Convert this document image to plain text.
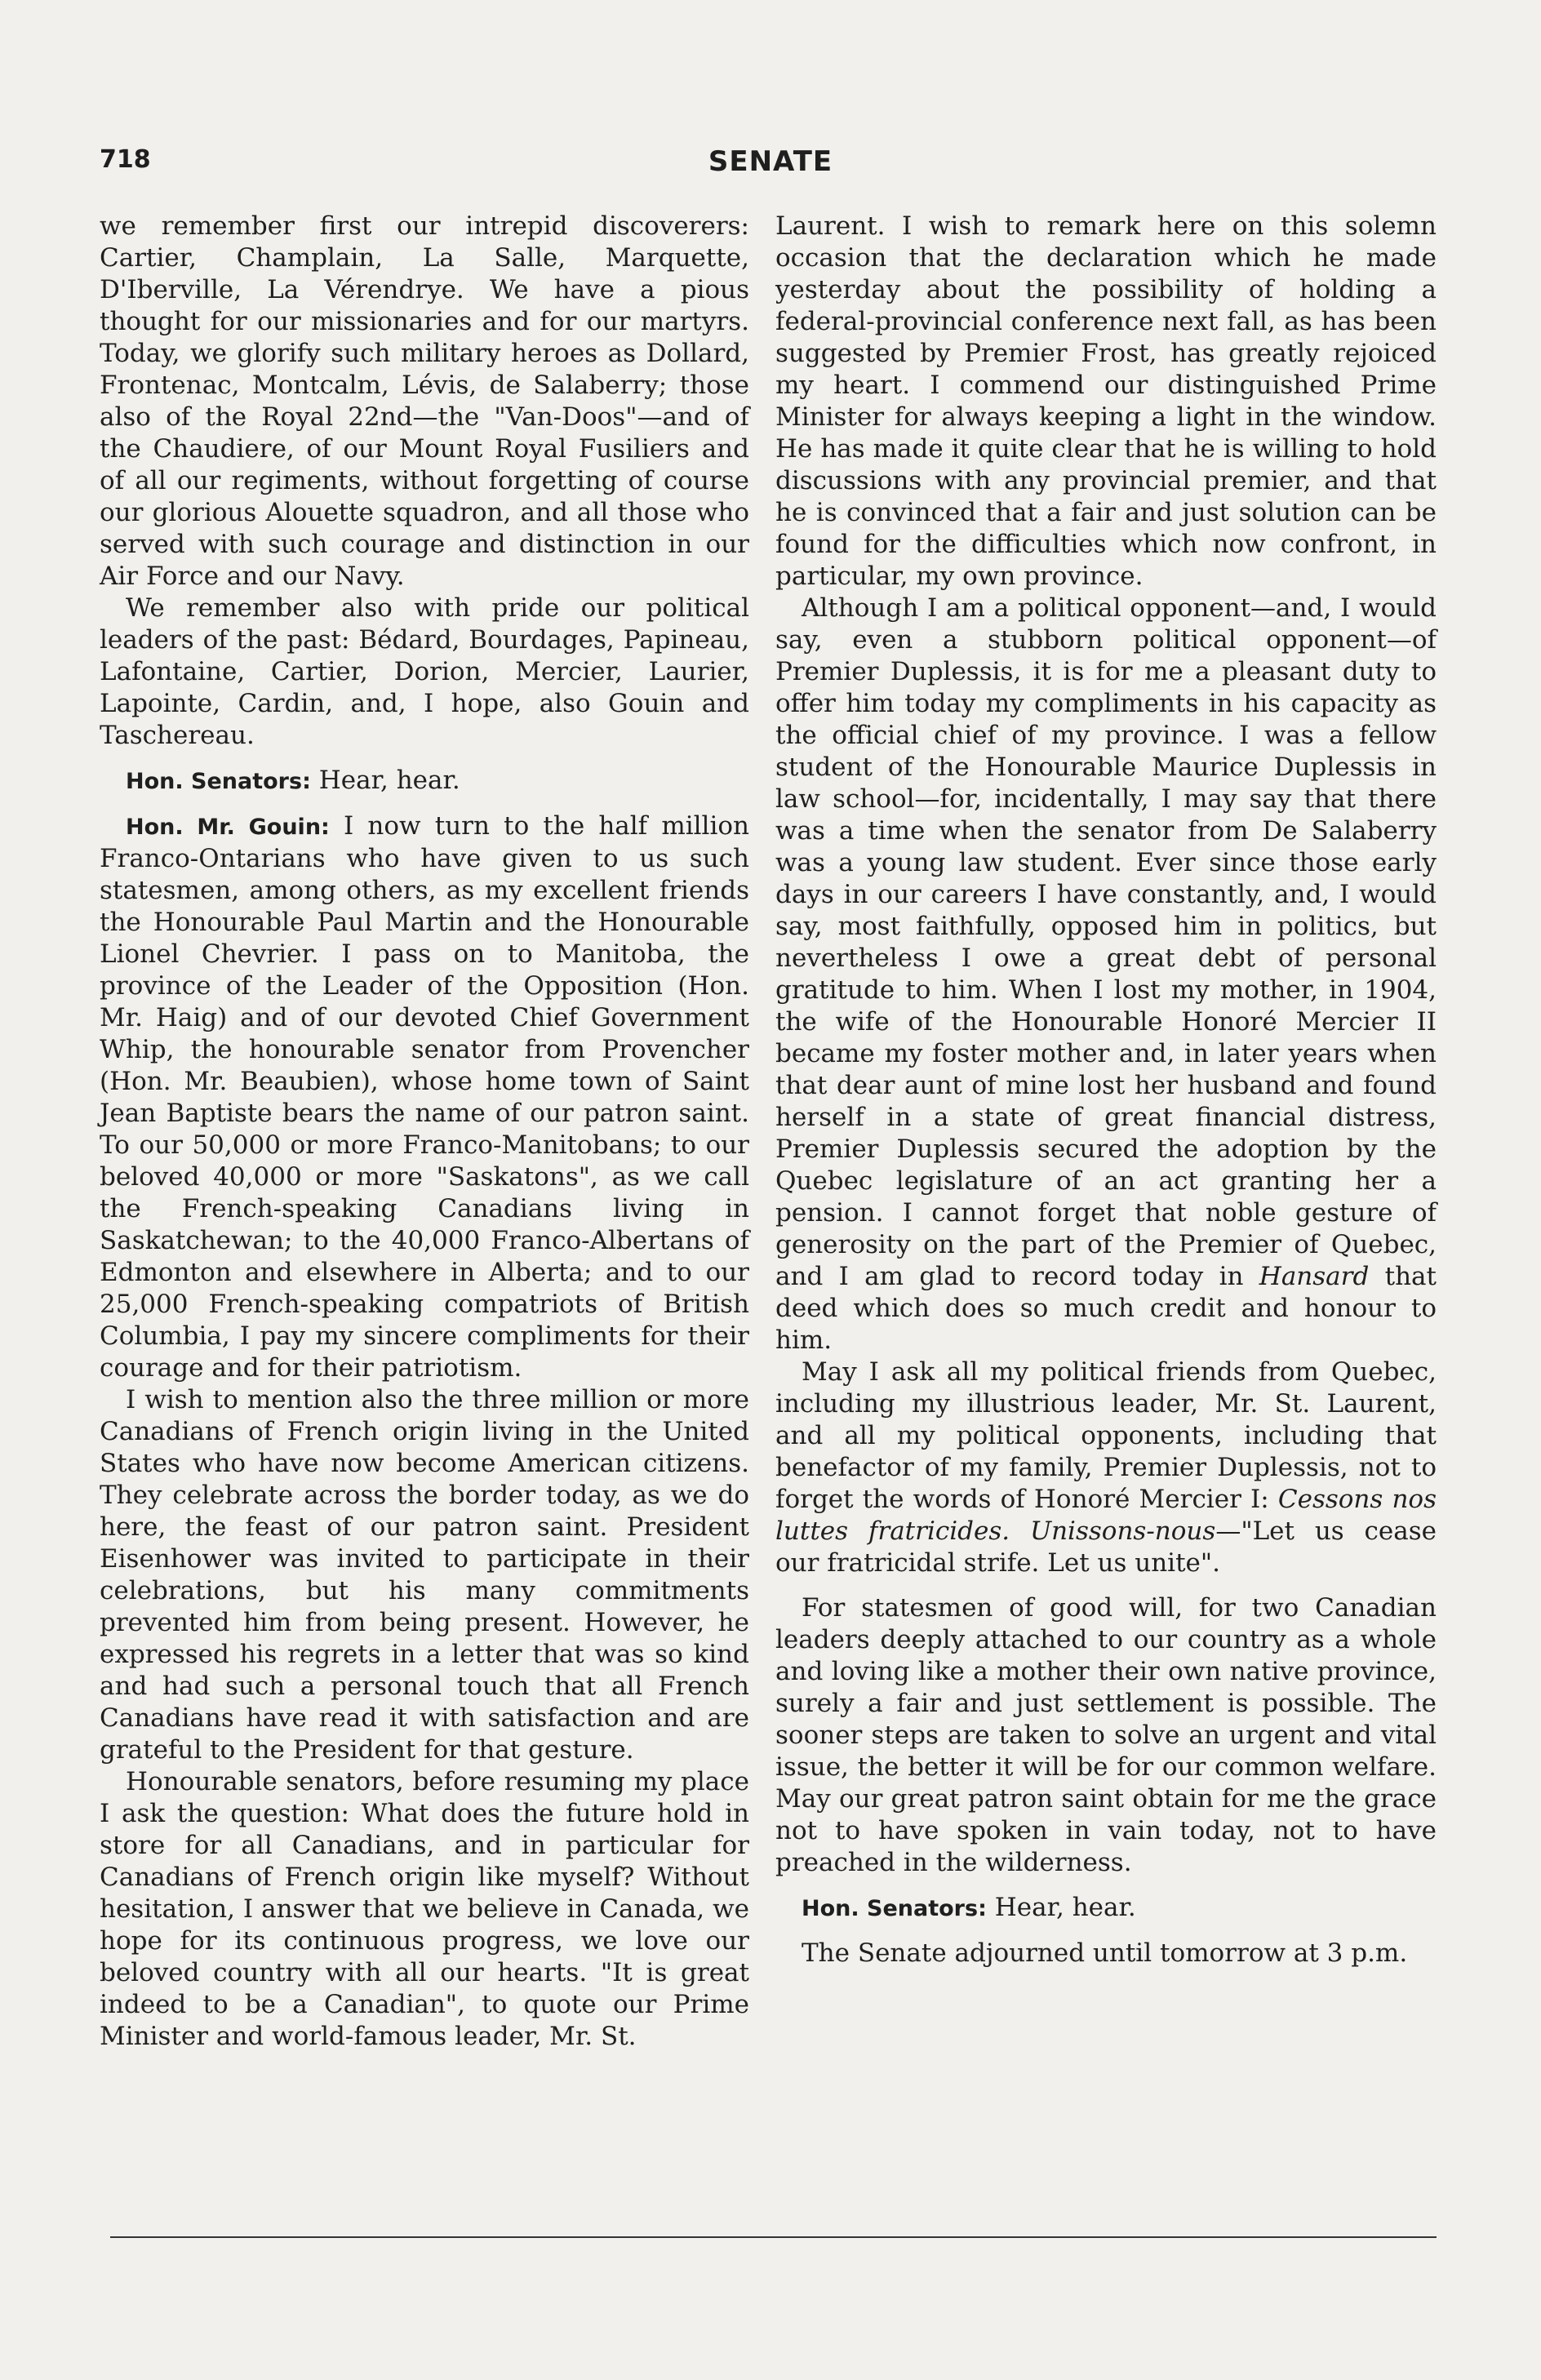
718	SENATE

we remember first our intrepid discoverers: Cartier, Champlain, La Salle, Marquette, D'Iberville, La Vérendrye. We have a pious thought for our missionaries and for our martyrs. Today, we glorify such military heroes as Dollard, Frontenac, Montcalm, Lévis, de Salaberry; those also of the Royal 22nd—the "Van-Doos"—and of the Chaudiere, of our Mount Royal Fusiliers and of all our regiments, without forgetting of course our glorious Alouette squadron, and all those who served with such courage and distinction in our Air Force and our Navy.

We remember also with pride our political leaders of the past: Bédard, Bourdages, Papineau, Lafontaine, Cartier, Dorion, Mercier, Laurier, Lapointe, Cardin, and, I hope, also Gouin and Taschereau.

Hon. Senators: Hear, hear.

Hon. Mr. Gouin: I now turn to the half million Franco-Ontarians who have given to us such statesmen, among others, as my excellent friends the Honourable Paul Martin and the Honourable Lionel Chevrier. I pass on to Manitoba, the province of the Leader of the Opposition (Hon. Mr. Haig) and of our devoted Chief Government Whip, the honourable senator from Provencher (Hon. Mr. Beaubien), whose home town of Saint Jean Baptiste bears the name of our patron saint. To our 50,000 or more Franco-Manitobans; to our beloved 40,000 or more "Saskatons", as we call the French-speaking Canadians living in Saskatchewan; to the 40,000 Franco-Albertans of Edmonton and elsewhere in Alberta; and to our 25,000 French-speaking compatriots of British Columbia, I pay my sincere compliments for their courage and for their patriotism.

I wish to mention also the three million or more Canadians of French origin living in the United States who have now become American citizens. They celebrate across the border today, as we do here, the feast of our patron saint. President Eisenhower was invited to participate in their celebrations, but his many commitments prevented him from being present. However, he expressed his regrets in a letter that was so kind and had such a personal touch that all French Canadians have read it with satisfaction and are grateful to the President for that gesture.

Honourable senators, before resuming my place I ask the question: What does the future hold in store for all Canadians, and in particular for Canadians of French origin like myself? Without hesitation, I answer that we believe in Canada, we hope for its continuous progress, we love our beloved country with all our hearts. "It is great indeed to be a Canadian", to quote our Prime Minister and world-famous leader, Mr. St.

Laurent. I wish to remark here on this solemn occasion that the declaration which he made yesterday about the possibility of holding a federal-provincial conference next fall, as has been suggested by Premier Frost, has greatly rejoiced my heart. I commend our distinguished Prime Minister for always keeping a light in the window. He has made it quite clear that he is willing to hold discussions with any provincial premier, and that he is convinced that a fair and just solution can be found for the difficulties which now confront, in particular, my own province.

Although I am a political opponent—and, I would say, even a stubborn political opponent—of Premier Duplessis, it is for me a pleasant duty to offer him today my compliments in his capacity as the official chief of my province. I was a fellow student of the Honourable Maurice Duplessis in law school—for, incidentally, I may say that there was a time when the senator from De Salaberry was a young law student. Ever since those early days in our careers I have constantly, and, I would say, most faithfully, opposed him in politics, but nevertheless I owe a great debt of personal gratitude to him. When I lost my mother, in 1904, the wife of the Honourable Honoré Mercier II became my foster mother and, in later years when that dear aunt of mine lost her husband and found herself in a state of great financial distress, Premier Duplessis secured the adoption by the Quebec legislature of an act granting her a pension. I cannot forget that noble gesture of generosity on the part of the Premier of Quebec, and I am glad to record today in Hansard that deed which does so much credit and honour to him.

May I ask all my political friends from Quebec, including my illustrious leader, Mr. St. Laurent, and all my political opponents, including that benefactor of my family, Premier Duplessis, not to forget the words of Honoré Mercier I: Cessons nos luttes fratricides. Unissons-nous—"Let us cease our fratricidal strife. Let us unite".

For statesmen of good will, for two Canadian leaders deeply attached to our country as a whole and loving like a mother their own native province, surely a fair and just settlement is possible. The sooner steps are taken to solve an urgent and vital issue, the better it will be for our common welfare. May our great patron saint obtain for me the grace not to have spoken in vain today, not to have preached in the wilderness.

Hon. Senators: Hear, hear.

The Senate adjourned until tomorrow at 3 p.m.
